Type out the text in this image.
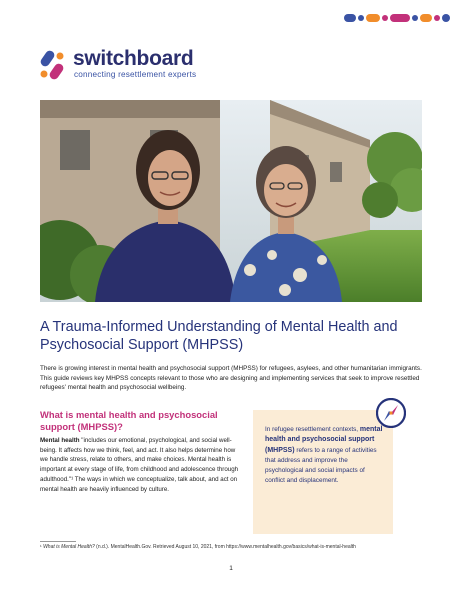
switchboard
connecting resettlement experts
A Trauma-Informed Understanding of Mental Health and Psychosocial Support (MHPSS)
There is growing interest in mental health and psychosocial support (MHPSS) for refugees, asylees, and other humanitarian immigrants. This guide reviews key MHPSS concepts relevant to those who are designing and implementing services that seek to improve resettled refugees' mental health and psychosocial wellbeing.
What is mental health and psychosocial support (MHPSS)?
Mental health "includes our emotional, psychological, and social well-being. It affects how we think, feel, and act. It also helps determine how we handle stress, relate to others, and make choices. Mental health is important at every stage of life, from childhood and adolescence through adulthood."¹ The ways in which we conceptualize, talk about, and act on mental health are heavily influenced by culture.
In refugee resettlement contexts, mental health and psychosocial support (MHPSS) refers to a range of activities that address and improve the psychological and social impacts of conflict and displacement.
¹ What is Mental Health? (n.d.). MentalHealth.Gov. Retrieved August 10, 2021, from https://www.mentalhealth.gov/basics/what-is-mental-health
1
